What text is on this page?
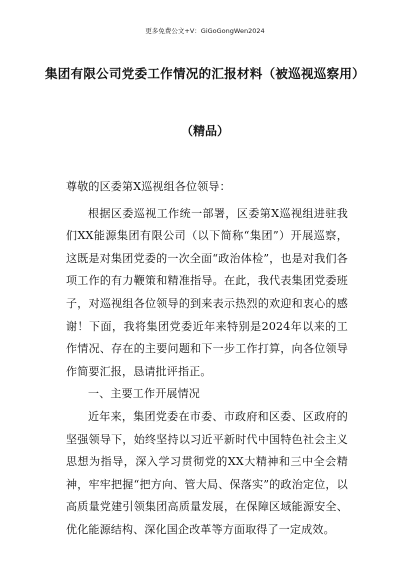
更多免费公文+V：GiGoGongWen2024
集团有限公司党委工作情况的汇报材料（被巡视巡察用）
（精品）

尊敬的区委第X巡视组各位领导：

根据区委巡视工作统一部署，区委第X巡视组进驻我们XX能源集团有限公司（以下简称“集团”）开展巡察，这既是对集团党委的一次全面“政治体检”，也是对我们各项工作的有力鞭策和精准指导。在此，我代表集团党委班子，对巡视组各位领导的到来表示热烈的欢迎和衷心的感谢！下面，我将集团党委近年来特别是2024年以来的工作情况、存在的主要问题和下一步工作打算，向各位领导作简要汇报，恳请批评指正。

一、主要工作开展情况

近年来，集团党委在市委、市政府和区委、区政府的坚强领导下，始终坚持以习近平新时代中国特色社会主义思想为指导，深入学习贯彻党的XX大精神和三中全会精神，牢牢把握“把方向、管大局、保落实”的政治定位，以高质量党建引领集团高质量发展，在保障区域能源安全、优化能源结构、深化国企改革等方面取得了一定成效。
